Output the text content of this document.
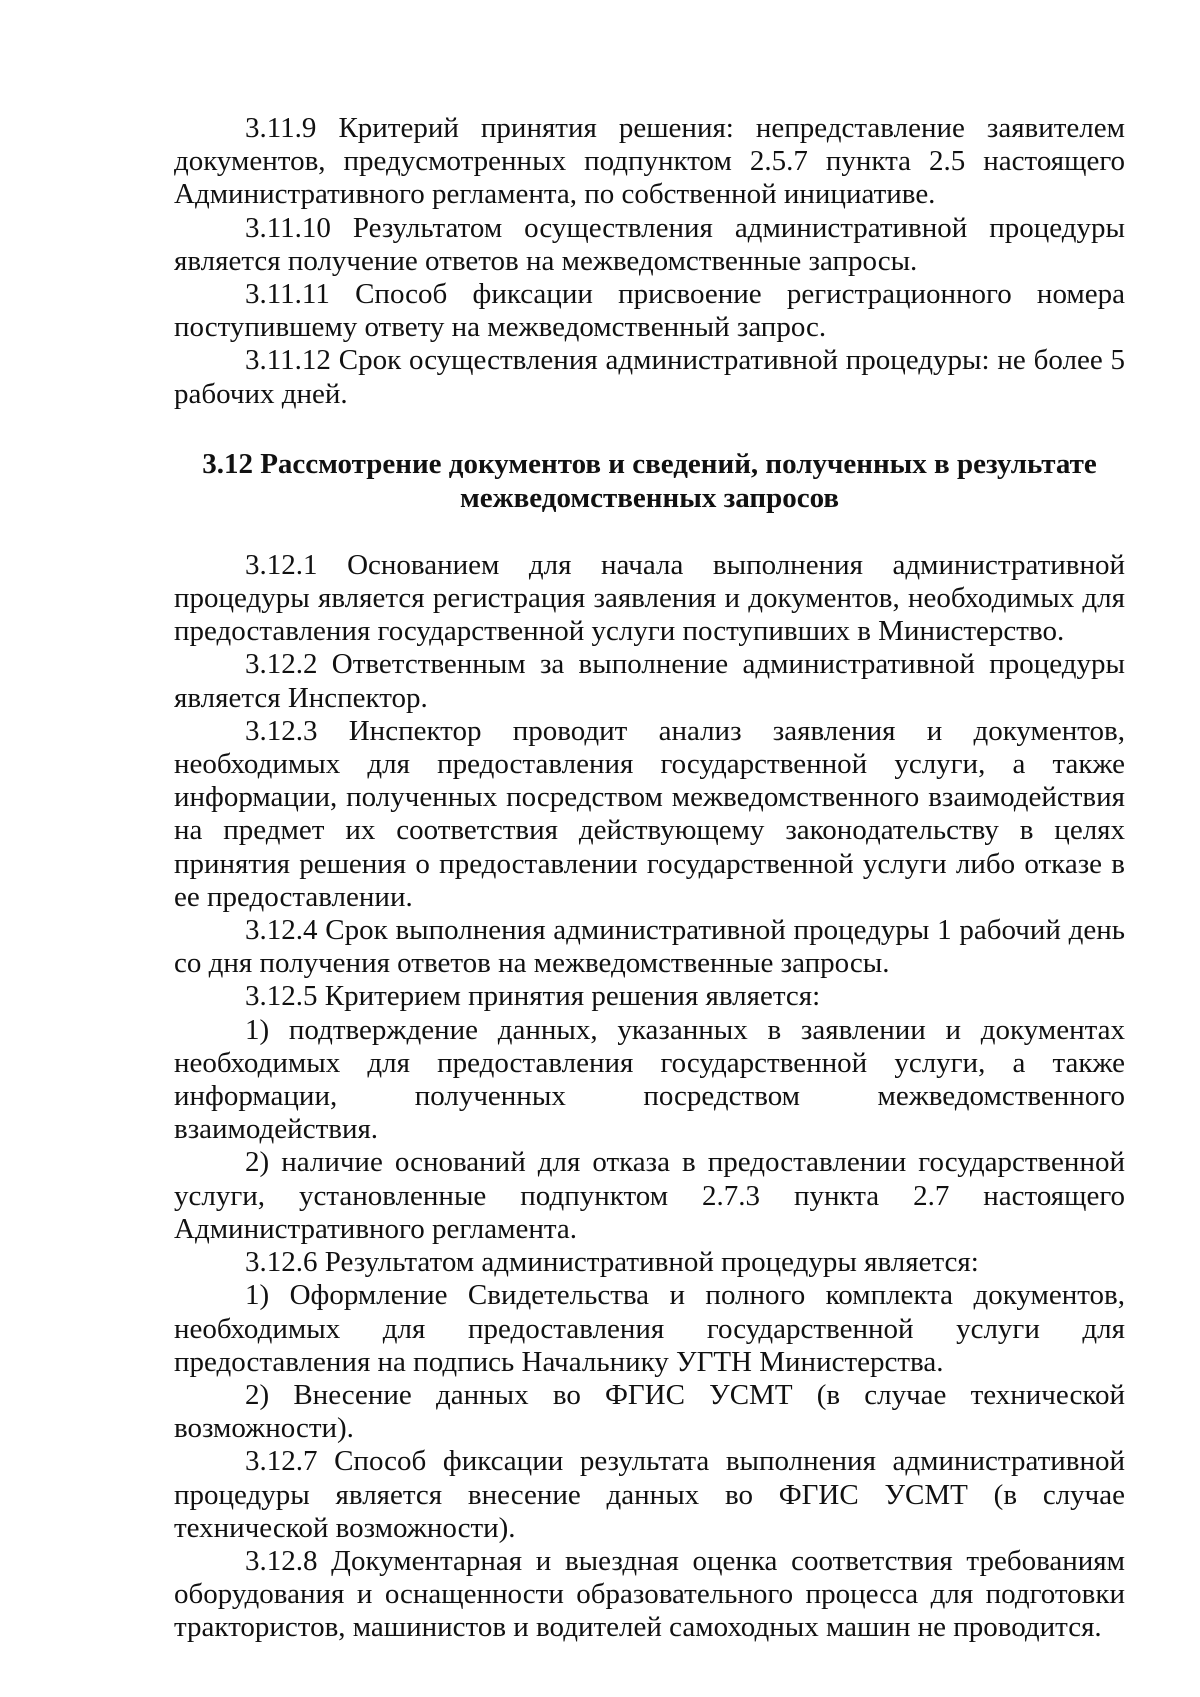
3.11.9 Критерий принятия решения: непредставление заявителем документов, предусмотренных подпунктом 2.5.7 пункта 2.5 настоящего Административного регламента, по собственной инициативе.

3.11.10 Результатом осуществления административной процедуры является получение ответов на межведомственные запросы.

3.11.11 Способ фиксации присвоение регистрационного номера поступившему ответу на межведомственный запрос.

3.11.12 Срок осуществления административной процедуры: не более 5 рабочих дней.

3.12 Рассмотрение документов и сведений, полученных в результате
межведомственных запросов

3.12.1 Основанием для начала выполнения административной процедуры является регистрация заявления и документов, необходимых для предоставления государственной услуги поступивших в Министерство.

3.12.2 Ответственным за выполнение административной процедуры является Инспектор.

3.12.3 Инспектор проводит анализ заявления и документов, необходимых для предоставления государственной услуги, а также информации, полученных посредством межведомственного взаимодействия на предмет их соответствия действующему законодательству в целях принятия решения о предоставлении государственной услуги либо отказе в ее предоставлении.

3.12.4 Срок выполнения административной процедуры 1 рабочий день со дня получения ответов на межведомственные запросы.

3.12.5 Критерием принятия решения является:

1) подтверждение данных, указанных в заявлении и документах необходимых для предоставления государственной услуги, а также информации, полученных посредством межведомственного взаимодействия.

2) наличие оснований для отказа в предоставлении государственной услуги, установленные подпунктом 2.7.3 пункта 2.7 настоящего Административного регламента.

3.12.6 Результатом административной процедуры является:

1) Оформление Свидетельства и полного комплекта документов, необходимых для предоставления государственной услуги для предоставления на подпись Начальнику УГТН Министерства.

2) Внесение данных во ФГИС УСМТ (в случае технической возможности).

3.12.7 Способ фиксации результата выполнения административной процедуры является внесение данных во ФГИС УСМТ (в случае технической возможности).

3.12.8 Документарная и выездная оценка соответствия требованиям оборудования и оснащенности образовательного процесса для подготовки трактористов, машинистов и водителей самоходных машин не проводится.
